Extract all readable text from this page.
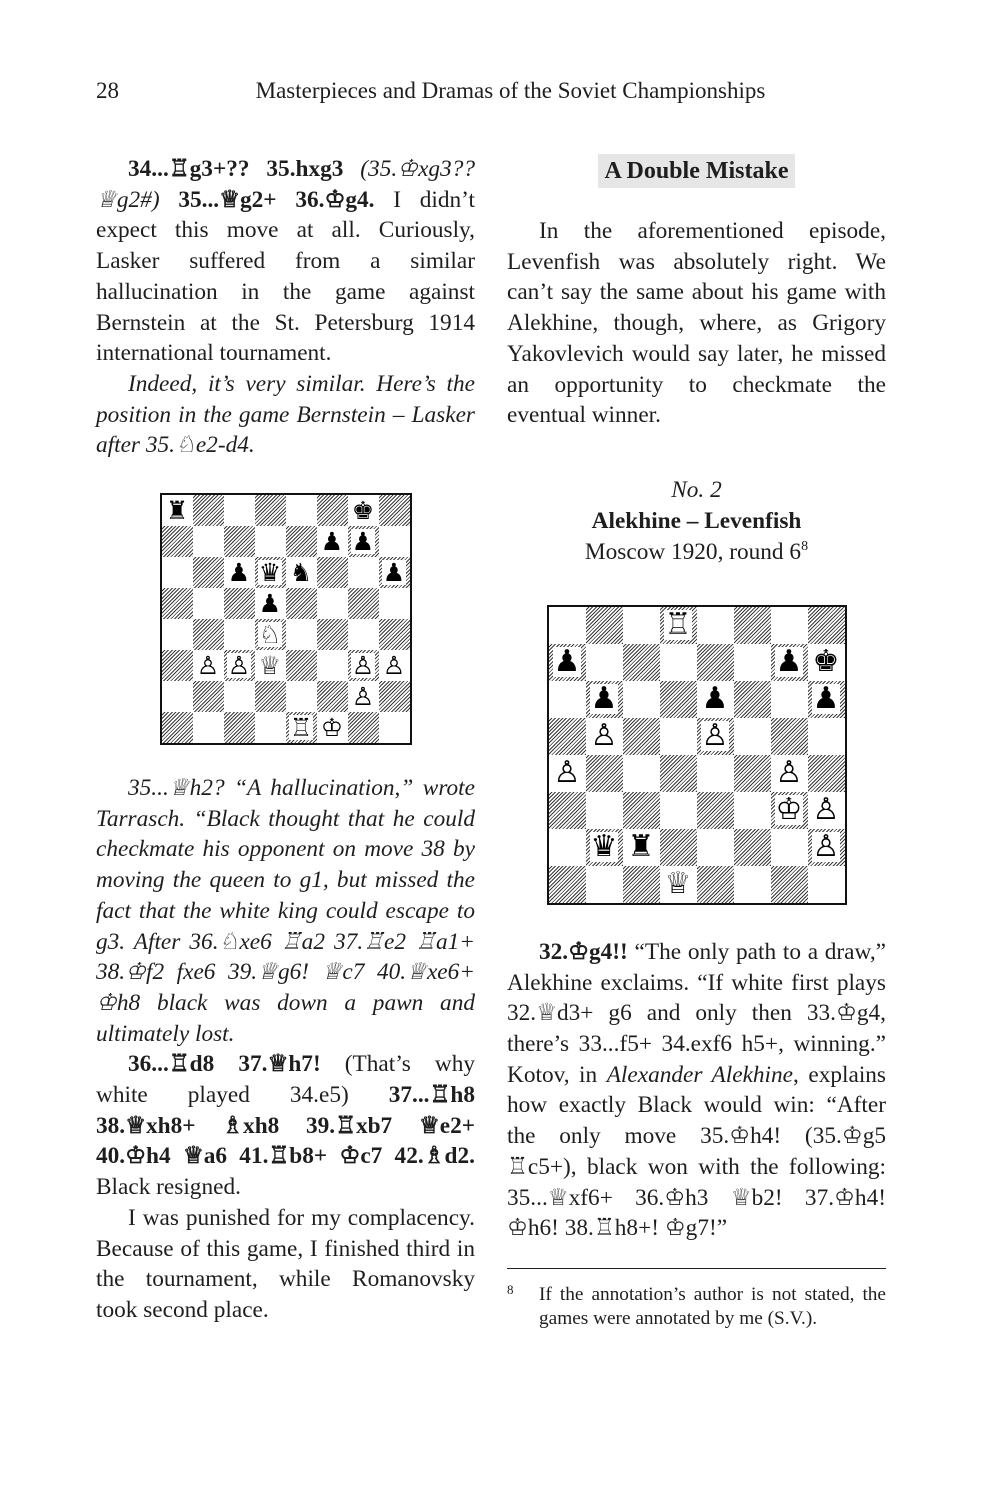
28	Masterpieces and Dramas of the Soviet Championships

34...♖g3+?? 35.hxg3 (35.♔xg3?? ♕g2#) 35...♕g2+ 36.♔g4. I didn’t expect this move at all. Curiously, Lasker suffered from a similar hallucination in the game against Bernstein at the St. Petersburg 1914 international tournament.

Indeed, it’s very similar. Here’s the position in the game Bernstein – Lasker after 35.♘e2-d4.

♜	♚
♟ ♟
♟ ♛ ♞	♟
♟
♘
♙ ♙ ♕	♙ ♙
♙
♖ ♔

35...♕h2? “A hallucination,” wrote Tarrasch. “Black thought that he could checkmate his opponent on move 38 by moving the queen to g1, but missed the fact that the white king could escape to g3. After 36.♘xe6 ♖a2 37.♖e2 ♖a1+ 38.♔f2 fxe6 39.♕g6! ♕c7 40.♕xe6+ ♔h8 black was down a pawn and ultimately lost.

36...♖d8 37.♕h7! (That’s why white played 34.e5) 37...♖h8 38.♕xh8+ ♗xh8 39.♖xb7 ♕e2+ 40.♔h4 ♕a6 41.♖b8+ ♔c7 42.♗d2. Black resigned.

I was punished for my complacency. Because of this game, I finished third in the tournament, while Romanovsky took second place.

A Double Mistake

In the aforementioned episode, Levenfish was absolutely right. We can’t say the same about his game with Alekhine, though, where, as Grigory Yakovlevich would say later, he missed an opportunity to checkmate the eventual winner.

No. 2

Alekhine – Levenfish

Moscow 1920, round $6^8$

♖
♟	♟ ♚
♟	♟	♟
♙	♙
♙	♙
♔ ♙
♛ ♜	♙
♕

32.♔g4!! “The only path to a draw,” Alekhine exclaims. “If white first plays 32.♕d3+ g6 and only then 33.♔g4, there’s 33...f5+ 34.exf6 h5+, winning.” Kotov, in Alexander Alekhine, explains how exactly Black would win: “After the only move 35.♔h4! (35.♔g5 ♖c5+), black won with the following: 35...♕xf6+ 36.♔h3 ♕b2! 37.♔h4! ♔h6! 38.♖h8+! ♔g7!”

8 If the annotation’s author is not stated, the games were annotated by me (S.V.).
